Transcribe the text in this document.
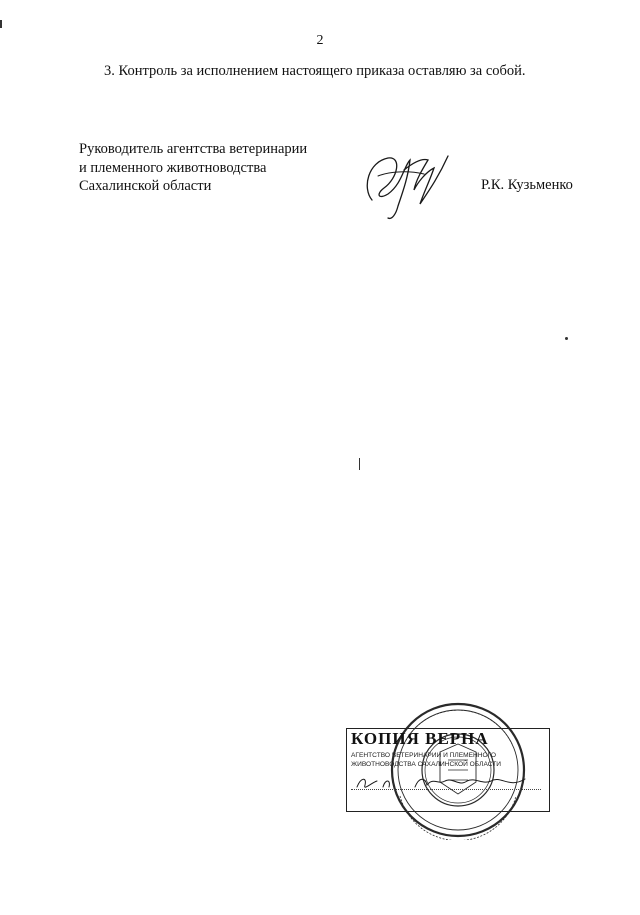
2
3. Контроль за исполнением настоящего приказа оставляю за собой.
Руководитель агентства ветеринарии
и племенного животноводства
Сахалинской области	Р.К. Кузьменко
КОПИЯ ВЕРНА
АГЕНТСТВО ВЕТЕРИНАРИИ И ПЛЕМЕННОГО
ЖИВОТНОВОДСТВА САХАЛИНСКОЙ ОБЛАСТИ
